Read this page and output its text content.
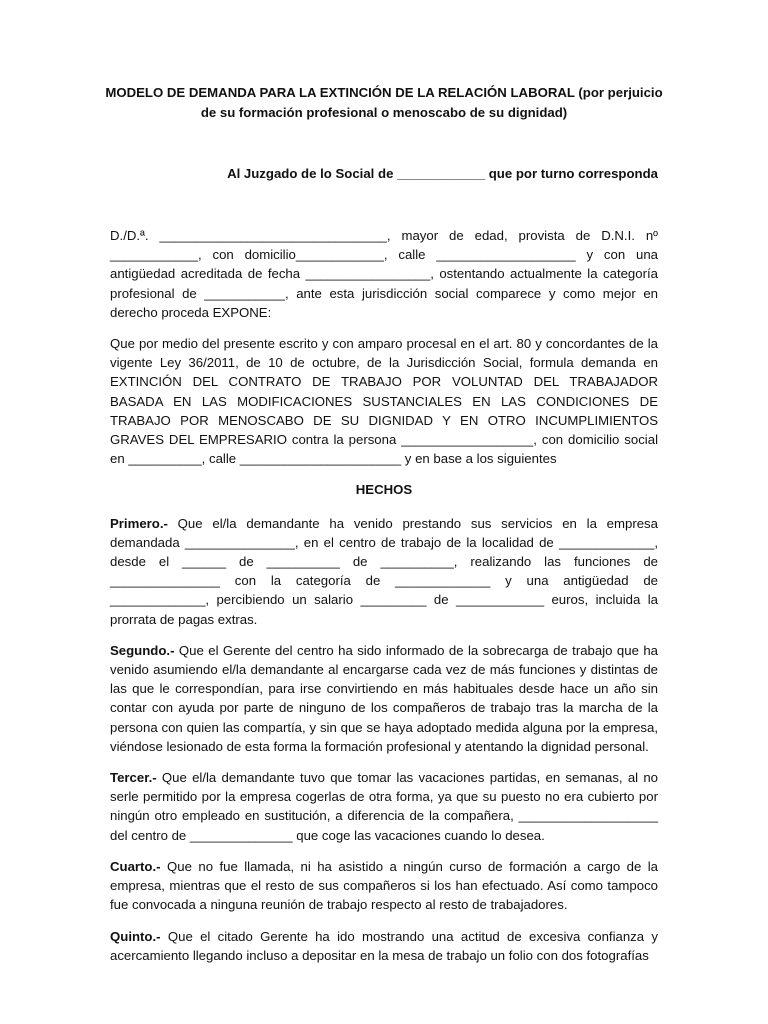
MODELO DE DEMANDA PARA LA EXTINCIÓN DE LA RELACIÓN LABORAL (por perjuicio de su formación profesional o menoscabo de su dignidad)

Al Juzgado de lo Social de ____________ que por turno corresponda

D./D.ª. _______________________________, mayor de edad, provista de D.N.I. nº ____________, con domicilio____________, calle ___________________ y con una antigüedad acreditada de fecha _________________, ostentando actualmente la categoría profesional de ___________, ante esta jurisdicción social comparece y como mejor en derecho proceda EXPONE:

Que por medio del presente escrito y con amparo procesal en el art. 80 y concordantes de la vigente Ley 36/2011, de 10 de octubre, de la Jurisdicción Social, formula demanda en EXTINCIÓN DEL CONTRATO DE TRABAJO POR VOLUNTAD DEL TRABAJADOR BASADA EN LAS MODIFICACIONES SUSTANCIALES EN LAS CONDICIONES DE TRABAJO POR MENOSCABO DE SU DIGNIDAD Y EN OTRO INCUMPLIMIENTOS GRAVES DEL EMPRESARIO contra la persona __________________, con domicilio social en __________, calle ______________________ y en base a los siguientes

HECHOS

Primero.- Que el/la demandante ha venido prestando sus servicios en la empresa demandada _______________, en el centro de trabajo de la localidad de _____________, desde el ______ de __________ de __________, realizando las funciones de _______________ con la categoría de _____________ y una antigüedad de _____________, percibiendo un salario _________ de ____________ euros, incluida la prorrata de pagas extras.

Segundo.- Que el Gerente del centro ha sido informado de la sobrecarga de trabajo que ha venido asumiendo el/la demandante al encargarse cada vez de más funciones y distintas de las que le correspondían, para irse convirtiendo en más habituales desde hace un año sin contar con ayuda por parte de ninguno de los compañeros de trabajo tras la marcha de la persona con quien las compartía, y sin que se haya adoptado medida alguna por la empresa, viéndose lesionado de esta forma la formación profesional y atentando la dignidad personal.

Tercer.- Que el/la demandante tuvo que tomar las vacaciones partidas, en semanas, al no serle permitido por la empresa cogerlas de otra forma, ya que su puesto no era cubierto por ningún otro empleado en sustitución, a diferencia de la compañera, ___________________ del centro de ______________ que coge las vacaciones cuando lo desea.

Cuarto.- Que no fue llamada, ni ha asistido a ningún curso de formación a cargo de la empresa, mientras que el resto de sus compañeros si los han efectuado. Así como tampoco fue convocada a ninguna reunión de trabajo respecto al resto de trabajadores.

Quinto.- Que el citado Gerente ha ido mostrando una actitud de excesiva confianza y acercamiento llegando incluso a depositar en la mesa de trabajo un folio con dos fotografías
